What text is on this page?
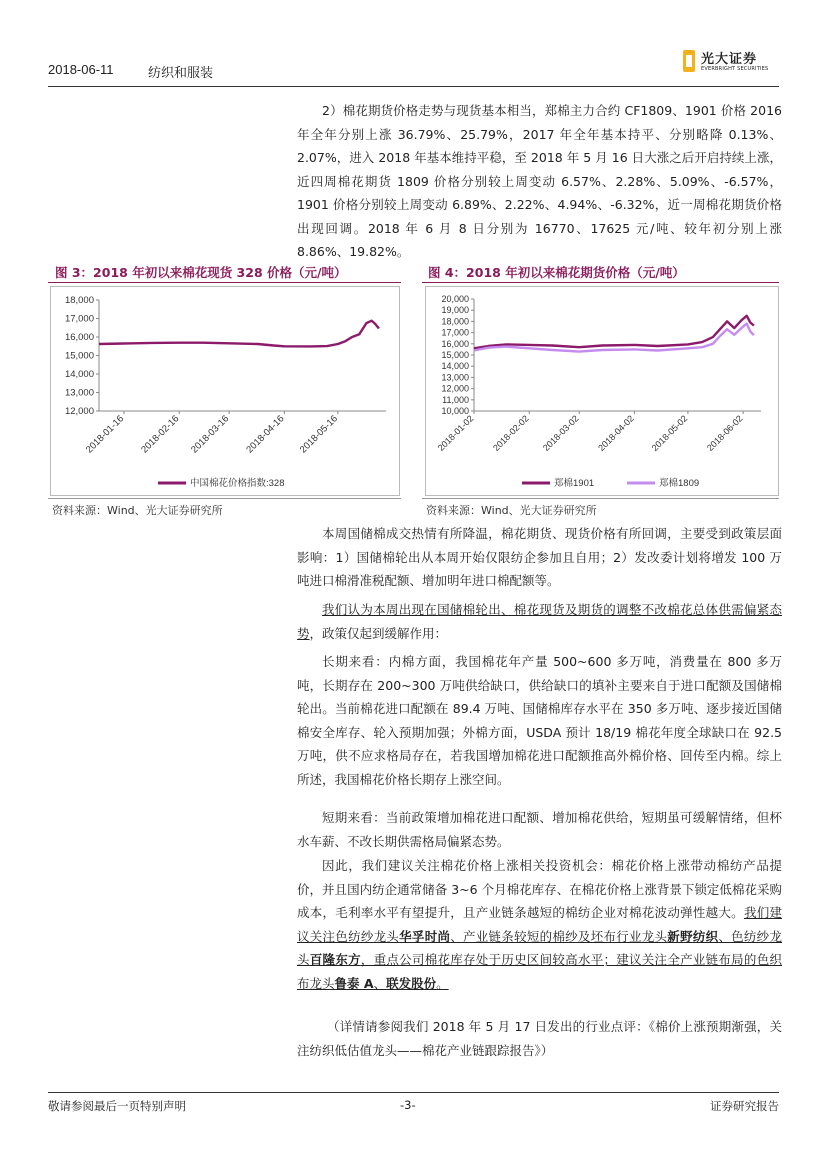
2018-06-11	纺织和服装
光大证券
EVERBRIGHT SECURITIES
2）棉花期货价格走势与现货基本相当，郑棉主力合约 CF1809、1901 价格 2016 年全年分别上涨 36.79%、25.79%，2017 年全年基本持平、分别略降 0.13%、2.07%，进入 2018 年基本维持平稳，至 2018 年 5 月 16 日大涨之后开启持续上涨，近四周棉花期货 1809 价格分别较上周变动 6.57%、2.28%、5.09%、-6.57%，1901 价格分别较上周变动 6.89%、2.22%、4.94%、-6.32%，近一周棉花期货价格出现回调。2018 年 6 月 8 日分别为 16770、17625 元/吨、较年初分别上涨 8.86%、19.82%。
图 3：2018 年初以来棉花现货 328 价格（元/吨）
12,000
13,000
14,000
15,000
16,000
17,000
18,000
2018-01-16 2018-02-16 2018-03-16 2018-04-16 2018-05-16
中国棉花价格指数:328
资料来源：Wind、光大证券研究所
图 4：2018 年初以来棉花期货价格（元/吨）
10,000
11,000
12,000
13,000
14,000
15,000
16,000
17,000
18,000
19,000
20,000
2018-01-02 2018-02-02 2018-03-02 2018-04-02 2018-05-02 2018-06-02
郑棉1901	郑棉1809
资料来源：Wind、光大证券研究所
本周国储棉成交热情有所降温，棉花期货、现货价格有所回调，主要受到政策层面影响：1）国储棉轮出从本周开始仅限纺企参加且自用；2）发改委计划将增发 100 万吨进口棉滑准税配额、增加明年进口棉配额等。
我们认为本周出现在国储棉轮出、棉花现货及期货的调整不改棉花总体供需偏紧态势，政策仅起到缓解作用：
长期来看：内棉方面，我国棉花年产量 500~600 多万吨，消费量在 800 多万吨，长期存在 200~300 万吨供给缺口，供给缺口的填补主要来自于进口配额及国储棉轮出。当前棉花进口配额在 89.4 万吨、国储棉库存水平在 350 多万吨、逐步接近国储棉安全库存、轮入预期加强；外棉方面，USDA 预计 18/19 棉花年度全球缺口在 92.5 万吨，供不应求格局存在，若我国增加棉花进口配额推高外棉价格、回传至内棉。综上所述，我国棉花价格长期存上涨空间。
短期来看：当前政策增加棉花进口配额、增加棉花供给，短期虽可缓解情绪，但杯水车薪、不改长期供需格局偏紧态势。
因此，我们建议关注棉花价格上涨相关投资机会：棉花价格上涨带动棉纺产品提价，并且国内纺企通常储备 3~6 个月棉花库存、在棉花价格上涨背景下锁定低棉花采购成本，毛利率水平有望提升，且产业链条越短的棉纺企业对棉花波动弹性越大。我们建议关注色纺纱龙头华孚时尚、产业链条较短的棉纱及坯布行业龙头新野纺织、色纺纱龙头百隆东方，重点公司棉花库存处于历史区间较高水平；建议关注全产业链布局的色织布龙头鲁泰 A、联发股份。
（详情请参阅我们 2018 年 5 月 17 日发出的行业点评：《棉价上涨预期渐强，关注纺织低估值龙头——棉花产业链跟踪报告》）
敬请参阅最后一页特别声明	-3-	证券研究报告
